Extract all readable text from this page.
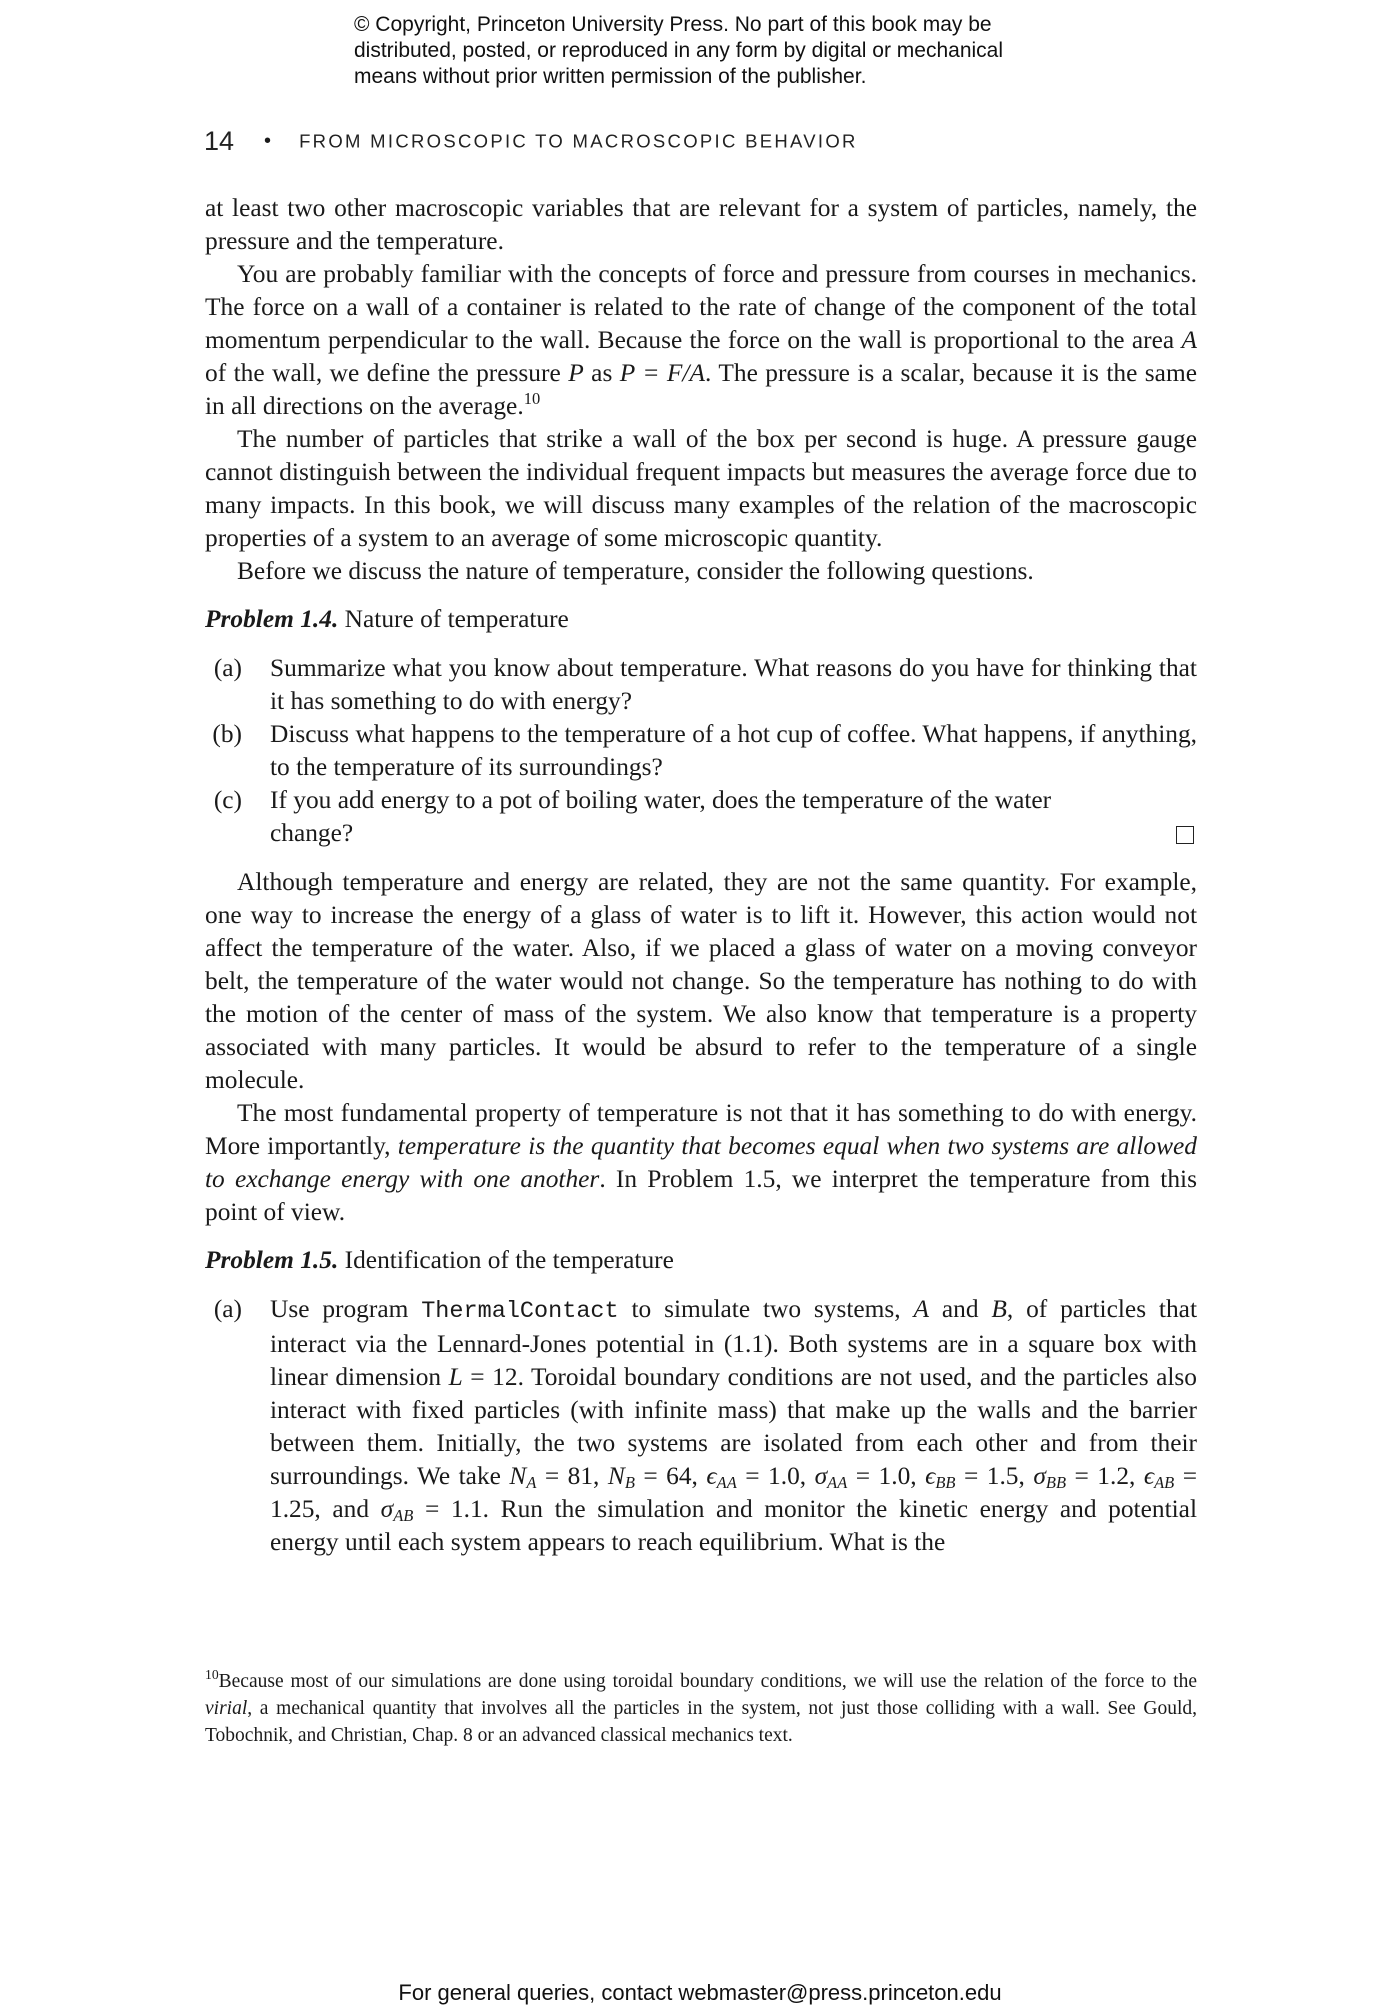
© Copyright, Princeton University Press. No part of this book may be
distributed, posted, or reproduced in any form by digital or mechanical
means without prior written permission of the publisher.
14 • FROM MICROSCOPIC TO MACROSCOPIC BEHAVIOR

at least two other macroscopic variables that are relevant for a system of particles, namely, the pressure and the temperature.

You are probably familiar with the concepts of force and pressure from courses in mechanics. The force on a wall of a container is related to the rate of change of the component of the total momentum perpendicular to the wall. Because the force on the wall is proportional to the area A of the wall, we define the pressure P as P = F/A. The pressure is a scalar, because it is the same in all directions on the average.$^{10}$

The number of particles that strike a wall of the box per second is huge. A pressure gauge cannot distinguish between the individual frequent impacts but measures the average force due to many impacts. In this book, we will discuss many examples of the relation of the macroscopic properties of a system to an average of some microscopic quantity.

Before we discuss the nature of temperature, consider the following questions.

Problem 1.4. Nature of temperature

(a)	Summarize what you know about temperature. What reasons do you have for thinking that it has something to do with energy?
(b)	Discuss what happens to the temperature of a hot cup of coffee. What happens, if anything, to the temperature of its surroundings?
(c)	If you add energy to a pot of boiling water, does the temperature of the water
change?

Although temperature and energy are related, they are not the same quantity. For example, one way to increase the energy of a glass of water is to lift it. However, this action would not affect the temperature of the water. Also, if we placed a glass of water on a moving conveyor belt, the temperature of the water would not change. So the temperature has nothing to do with the motion of the center of mass of the system. We also know that temperature is a property associated with many particles. It would be absurd to refer to the temperature of a single molecule.

The most fundamental property of temperature is not that it has something to do with energy. More importantly, temperature is the quantity that becomes equal when two systems are allowed to exchange energy with one another. In Problem 1.5, we interpret the temperature from this point of view.

Problem 1.5. Identification of the temperature

(a)	Use program ThermalContact to simulate two systems, A and B, of particles that interact via the Lennard-Jones potential in (1.1). Both systems are in a square box with linear dimension L = 12. Toroidal boundary conditions are not used, and the particles also interact with fixed particles (with infinite mass) that make up the walls and the barrier between them. Initially, the two systems are isolated from each other and from their surroundings. We take $N_A = 81$, $N_B = 64$, $\epsilon_{AA} = 1.0$, $\sigma_{AA} = 1.0$, $\epsilon_{BB} = 1.5$, $\sigma_{BB} = 1.2$, $\epsilon_{AB} = 1.25$, and $\sigma_{AB} = 1.1$. Run the simulation and monitor the kinetic energy and potential energy until each system appears to reach equilibrium. What is the
$^{10}$Because most of our simulations are done using toroidal boundary conditions, we will use the relation of the force to the virial, a mechanical quantity that involves all the particles in the system, not just those colliding with a wall. See Gould, Tobochnik, and Christian, Chap. 8 or an advanced classical mechanics text.
For general queries, contact webmaster@press.princeton.edu
